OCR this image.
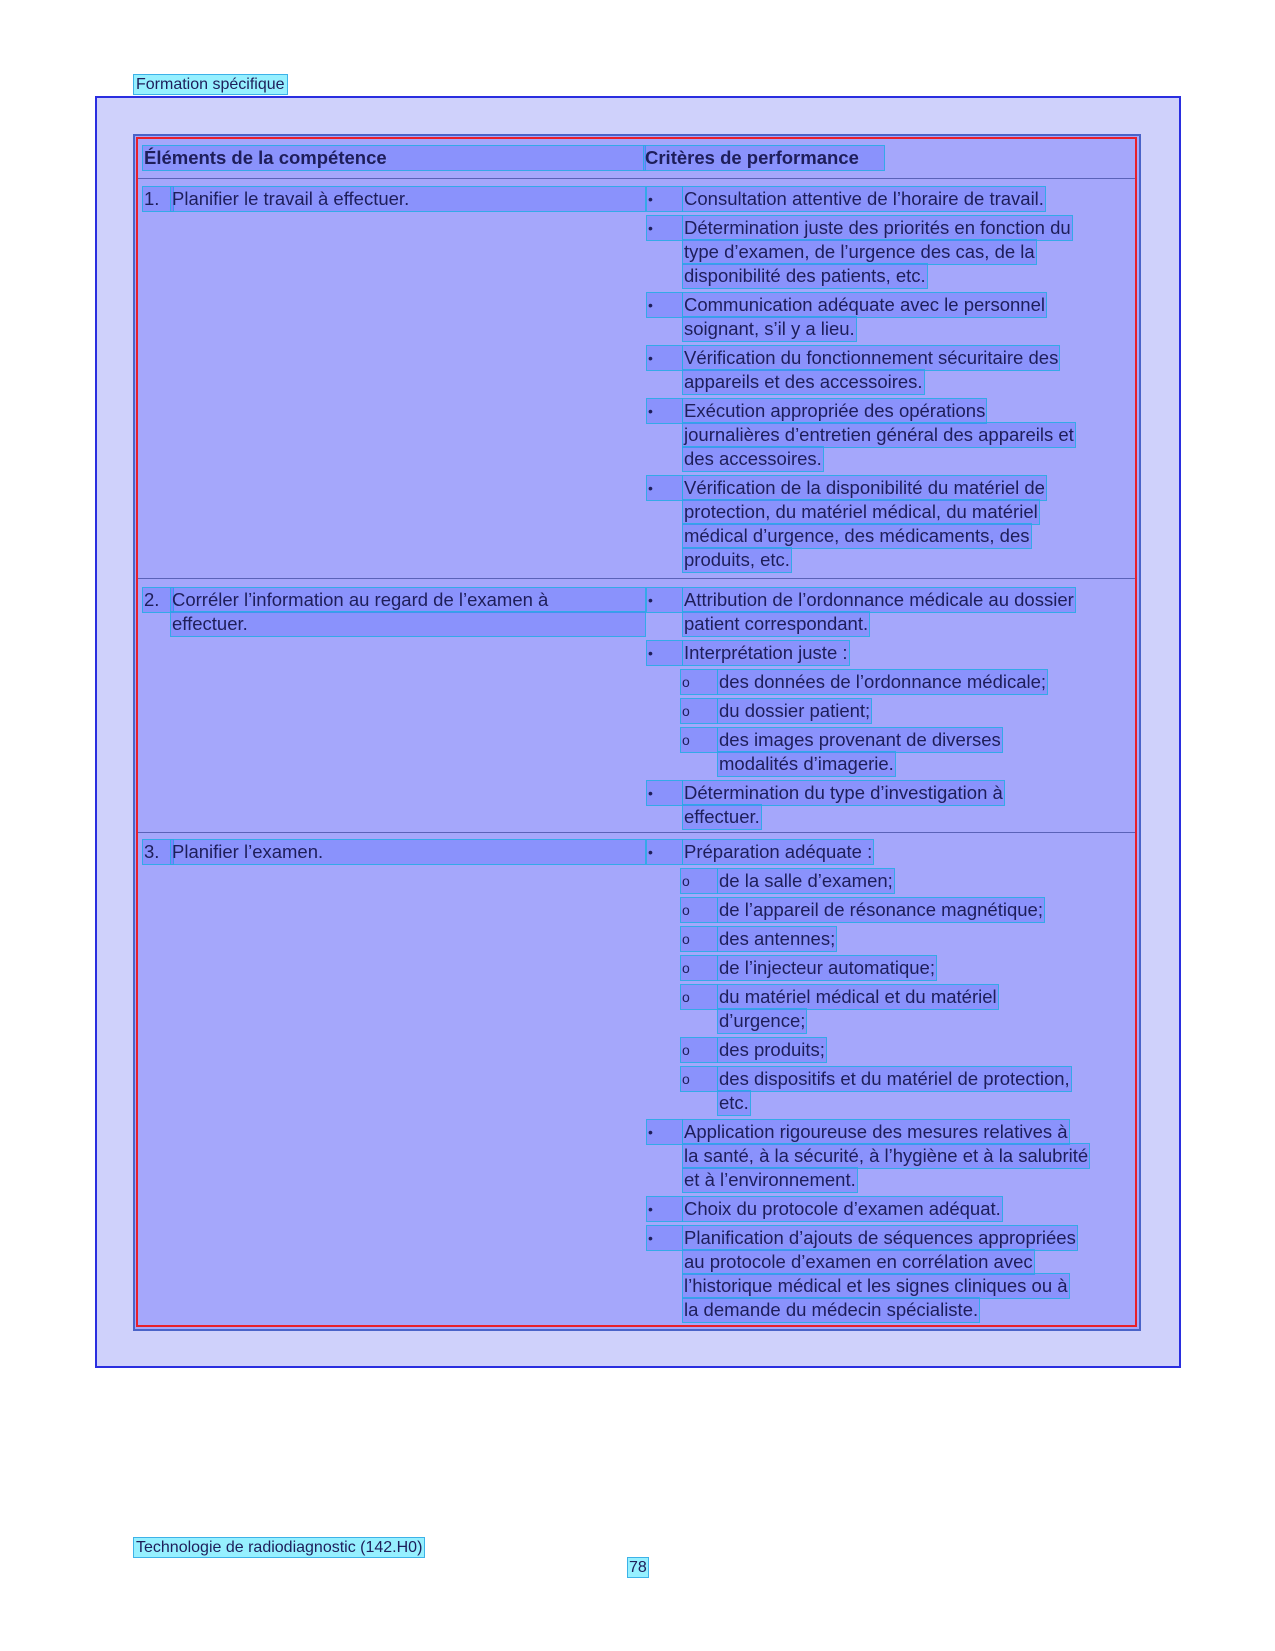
Formation spécifique
Éléments de la compétence	Critères de performance
1. Planifier le travail à effectuer.	•	Consultation attentive de l’horaire de travail.
•	Détermination juste des priorités en fonction du
type d’examen, de l’urgence des cas, de la
disponibilité des patients, etc.
•	Communication adéquate avec le personnel
soignant, s’il y a lieu.
•	Vérification du fonctionnement sécuritaire des
appareils et des accessoires.
•	Exécution appropriée des opérations
journalières d’entretien général des appareils et
des accessoires.
•	Vérification de la disponibilité du matériel de
protection, du matériel médical, du matériel
médical d’urgence, des médicaments, des
produits, etc.
2. Corréler l’information au regard de l’examen à
effectuer.
•	Attribution de l’ordonnance médicale au dossier
patient correspondant.
•	Interprétation juste :
o	des données de l’ordonnance médicale;
o	du dossier patient;
o	des images provenant de diverses
modalités d’imagerie.
•	Détermination du type d’investigation à
effectuer.
3. Planifier l’examen.	•	Préparation adéquate :
o	de la salle d’examen;
o	de l’appareil de résonance magnétique;
o	des antennes;
o	de l’injecteur automatique;
o	du matériel médical et du matériel
d’urgence;
o	des produits;
o	des dispositifs et du matériel de protection,
etc.
•	Application rigoureuse des mesures relatives à
la santé, à la sécurité, à l’hygiène et à la salubrité
et à l’environnement.
•	Choix du protocole d’examen adéquat.
•	Planification d’ajouts de séquences appropriées
au protocole d’examen en corrélation avec
l’historique médical et les signes cliniques ou à
la demande du médecin spécialiste.
Technologie de radiodiagnostic (142.H0)
78
